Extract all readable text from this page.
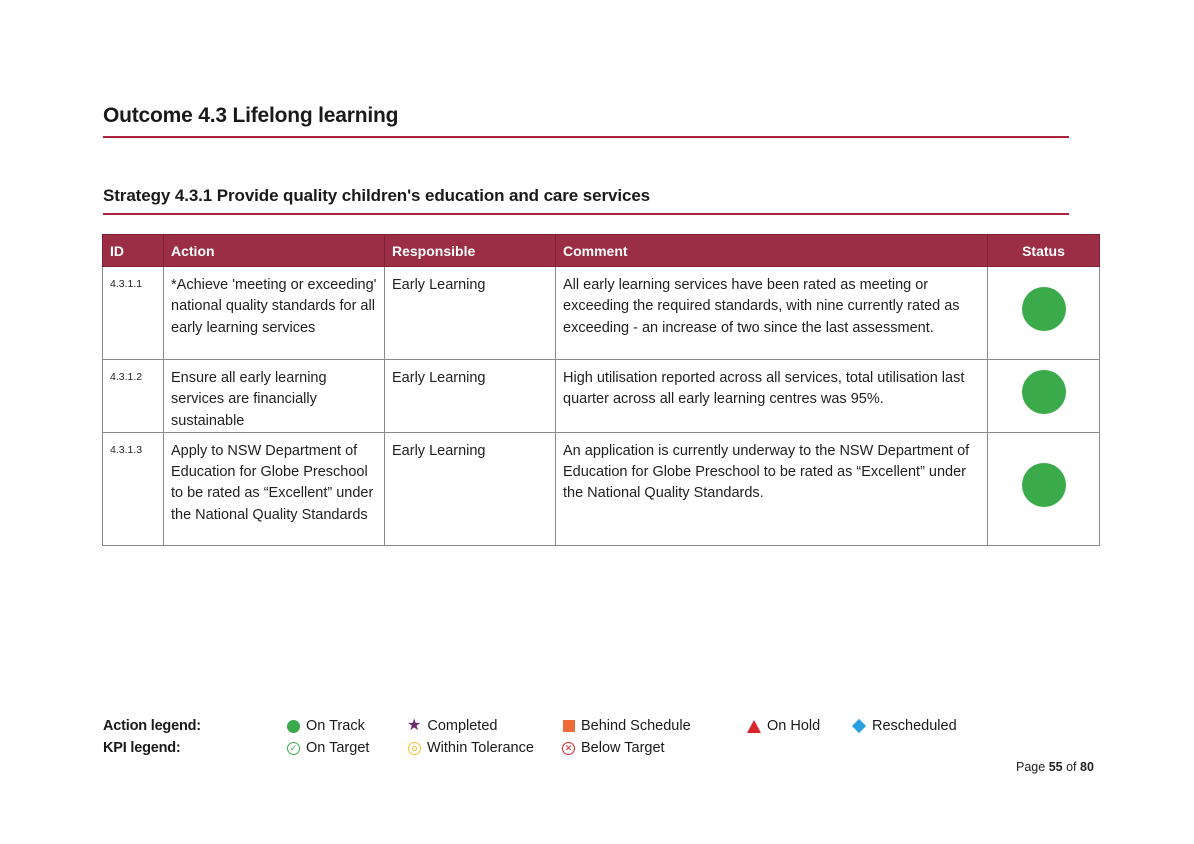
Outcome 4.3 Lifelong learning
Strategy 4.3.1 Provide quality children's education and care services
ID	Action	Responsible	Comment	Status
4.3.1.1	*Achieve 'meeting or exceeding' national quality standards for all early learning services	Early Learning	All early learning services have been rated as meeting or exceeding the required standards, with nine currently rated as exceeding - an increase of two since the last assessment.	
4.3.1.2	Ensure all early learning services are financially sustainable	Early Learning	High utilisation reported across all services, total utilisation last quarter across all early learning centres was 95%.	
4.3.1.3	Apply to NSW Department of Education for Globe Preschool to be rated as “Excellent” under the National Quality Standards	Early Learning	An application is currently underway to the NSW Department of Education for Globe Preschool to be rated as “Excellent” under the National Quality Standards.	
Action legend:
KPI legend:
On Track	★ Completed	Behind Schedule	On Hold	Rescheduled
✓ On Target	Within Tolerance	✕ Below Target
Page 55 of 80
